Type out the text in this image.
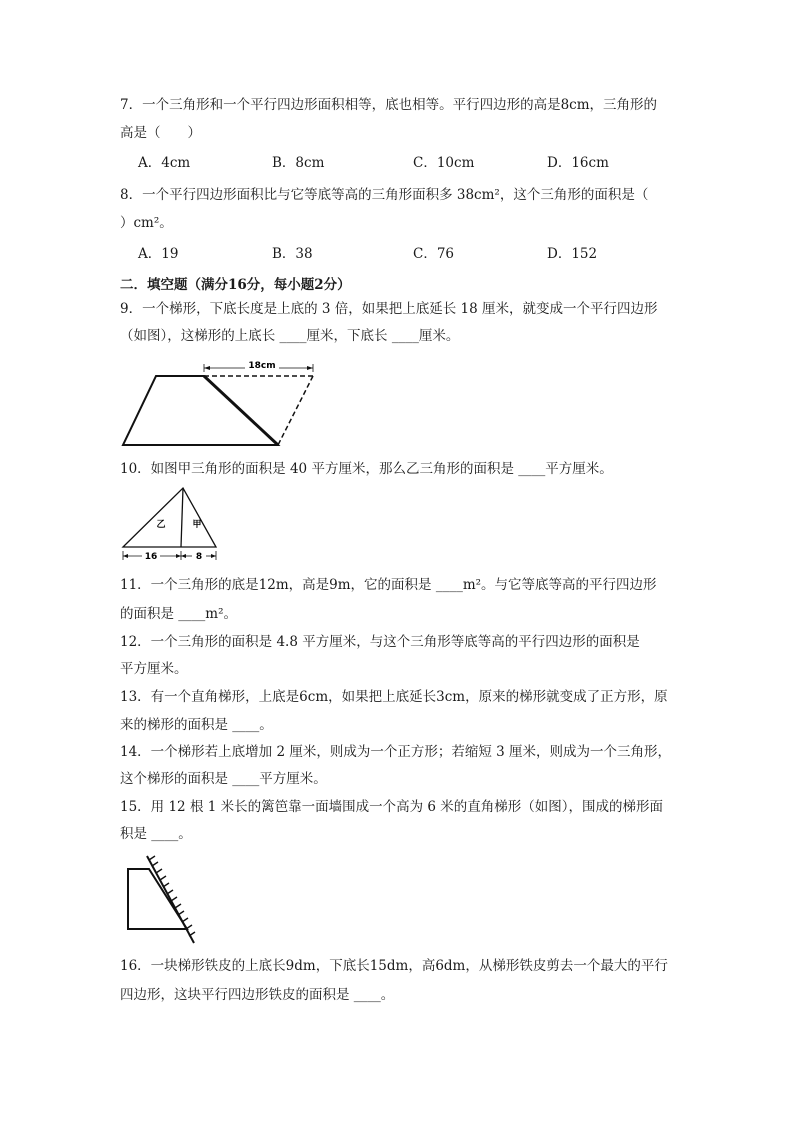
7．一个三角形和一个平行四边形面积相等，底也相等。平行四边形的高是8cm，三角形的
高是（　　）
A．4cm	B．8cm	C．10cm	D．16cm
8．一个平行四边形面积比与它等底等高的三角形面积多 38cm²，这个三角形的面积是（
）cm²。
A．19	B．38	C．76	D．152
二．填空题（满分16分，每小题2分）
9．一个梯形，下底长度是上底的 3 倍，如果把上底延长 18 厘米，就变成一个平行四边形
（如图），这梯形的上底长 ____厘米，下底长 ____厘米。
18cm
10．如图甲三角形的面积是 40 平方厘米，那么乙三角形的面积是 ____平方厘米。
乙	甲
16	8
11．一个三角形的底是12m，高是9m，它的面积是 ____m²。与它等底等高的平行四边形
的面积是 ____m²。
12．一个三角形的面积是 4.8 平方厘米，与这个三角形等底等高的平行四边形的面积是
平方厘米。
13．有一个直角梯形，上底是6cm，如果把上底延长3cm，原来的梯形就变成了正方形，原
来的梯形的面积是 ____。
14．一个梯形若上底增加 2 厘米，则成为一个正方形；若缩短 3 厘米，则成为一个三角形，
这个梯形的面积是 ____平方厘米。
15．用 12 根 1 米长的篱笆靠一面墙围成一个高为 6 米的直角梯形（如图），围成的梯形面
积是 ____。
16．一块梯形铁皮的上底长9dm，下底长15dm，高6dm，从梯形铁皮剪去一个最大的平行
四边形，这块平行四边形铁皮的面积是 ____。
